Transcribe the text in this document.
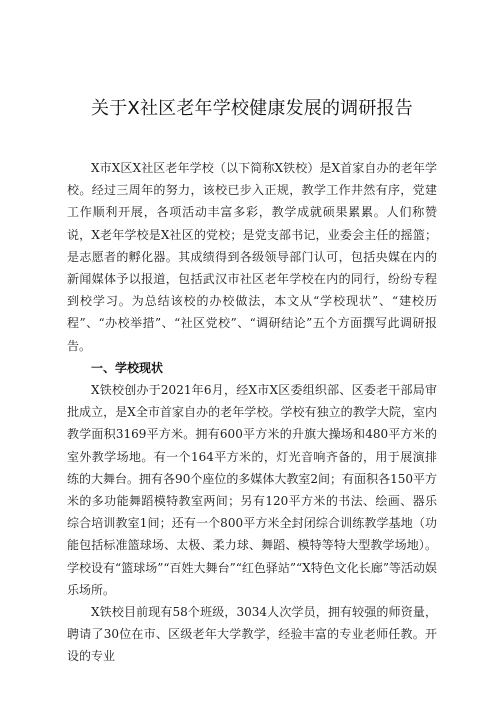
关于X社区老年学校健康发展的调研报告

X市X区X社区老年学校（以下简称X铁校）是X首家自办的老年学校。经过三周年的努力，该校已步入正规，教学工作井然有序，党建工作顺利开展，各项活动丰富多彩，教学成就硕果累累。人们称赞说，X老年学校是X社区的党校；是党支部书记，业委会主任的摇篮；是志愿者的孵化器。其成绩得到各级领导部门认可，包括央媒在内的新闻媒体予以报道，包括武汉市社区老年学校在内的同行，纷纷专程到校学习。为总结该校的办校做法，本文从“学校现状”、“建校历程”、“办校举措”、“社区党校”、“调研结论”五个方面撰写此调研报告。

一、学校现状

X铁校创办于2021年6月，经X市X区委组织部、区委老干部局审批成立，是X全市首家自办的老年学校。学校有独立的教学大院，室内教学面积3169平方米。拥有600平方米的升旗大操场和480平方米的室外教学场地。有一个164平方米的，灯光音响齐备的，用于展演排练的大舞台。拥有各90个座位的多媒体大教室2间；有面积各150平方米的多功能舞蹈模特教室两间；另有120平方米的书法、绘画、器乐综合培训教室1间；还有一个800平方米全封闭综合训练教学基地（功能包括标准篮球场、太极、柔力球、舞蹈、模特等特大型教学场地）。学校设有“篮球场”“百姓大舞台”“红色驿站”“X特色文化长廊”等活动娱乐场所。

X铁校目前现有58个班级，3034人次学员，拥有较强的师资量，聘请了30位在市、区级老年大学教学，经验丰富的专业老师任教。开设的专业
